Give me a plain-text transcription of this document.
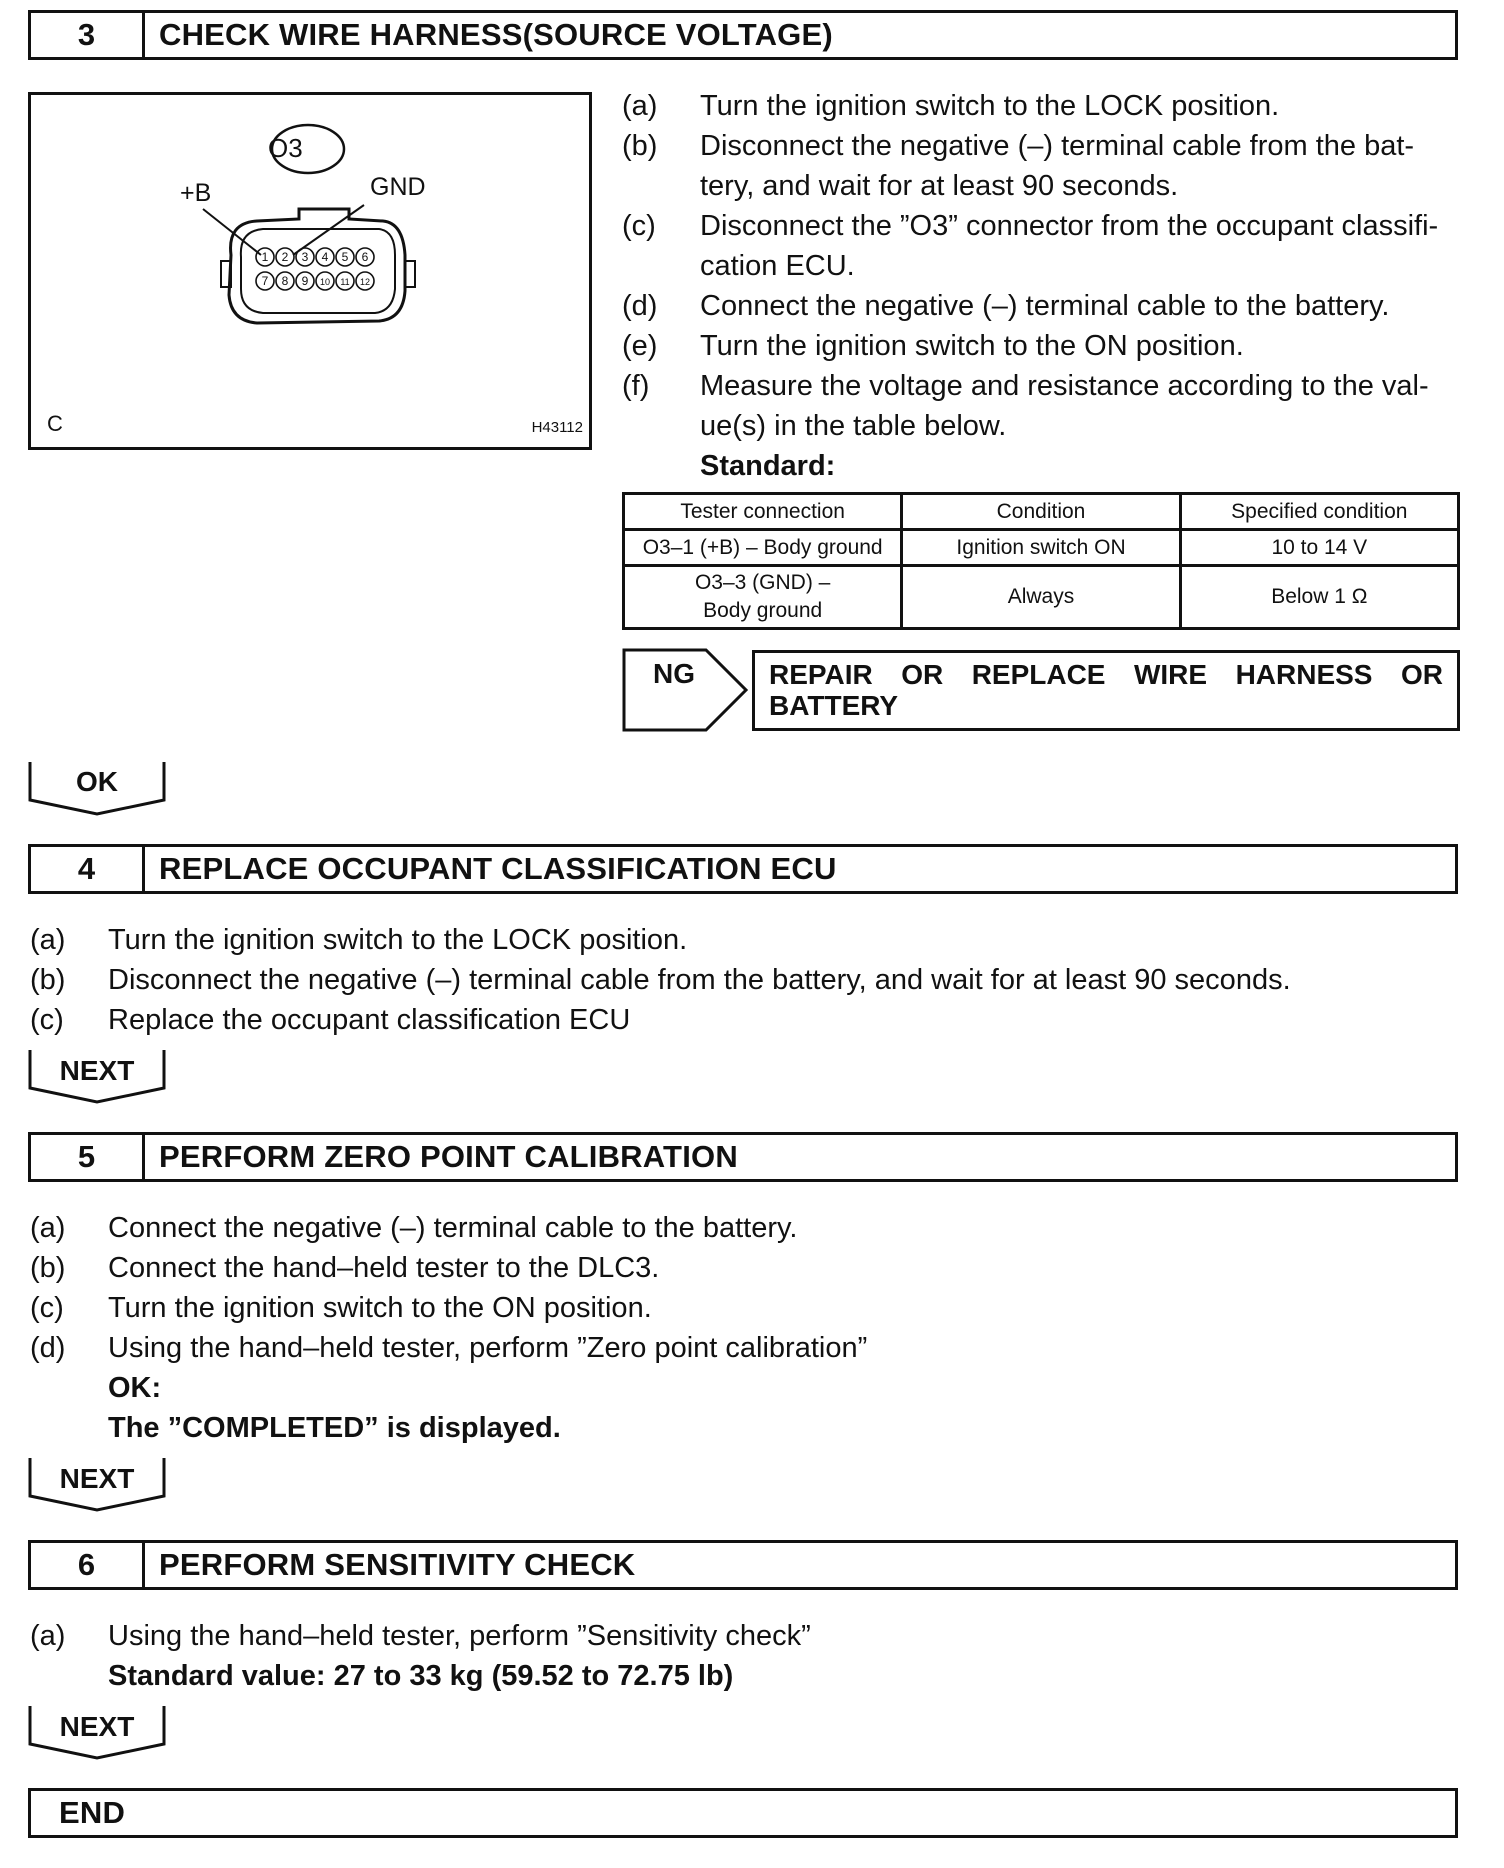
3	CHECK WIRE HARNESS(SOURCE VOLTAGE)
1 2 3 4 5 6
7 8 9 10 11 12
O3
+B	GND
C	H43112
(a) Turn the ignition switch to the LOCK position.
(b) Disconnect the negative (–) terminal cable from the bat-
tery, and wait for at least 90 seconds.
(c) Disconnect the ”O3” connector from the occupant classifi-
cation ECU.
(d) Connect the negative (–) terminal cable to the battery.
(e) Turn the ignition switch to the ON position.
(f) Measure the voltage and resistance according to the val-
ue(s) in the table below.
Standard:
Tester connection	Condition	Specified condition
O3–1 (+B) – Body ground	Ignition switch ON	10 to 14 V

O3–3 (GND) –
Body ground	Always	Below 1 Ω
NG	REPAIR OR REPLACE WIRE HARNESS OR
BATTERY
OK
4	REPLACE OCCUPANT CLASSIFICATION ECU
(a) Turn the ignition switch to the LOCK position.
(b) Disconnect the negative (–) terminal cable from the battery, and wait for at least 90 seconds.
(c) Replace the occupant classification ECU
NEXT
5	PERFORM ZERO POINT CALIBRATION
(a) Connect the negative (–) terminal cable to the battery.
(b) Connect the hand–held tester to the DLC3.
(c) Turn the ignition switch to the ON position.
(d) Using the hand–held tester, perform ”Zero point calibration”
OK:
The ”COMPLETED” is displayed.
NEXT
6	PERFORM SENSITIVITY CHECK
(a) Using the hand–held tester, perform ”Sensitivity check”
Standard value: 27 to 33 kg (59.52 to 72.75 lb)
NEXT
END
